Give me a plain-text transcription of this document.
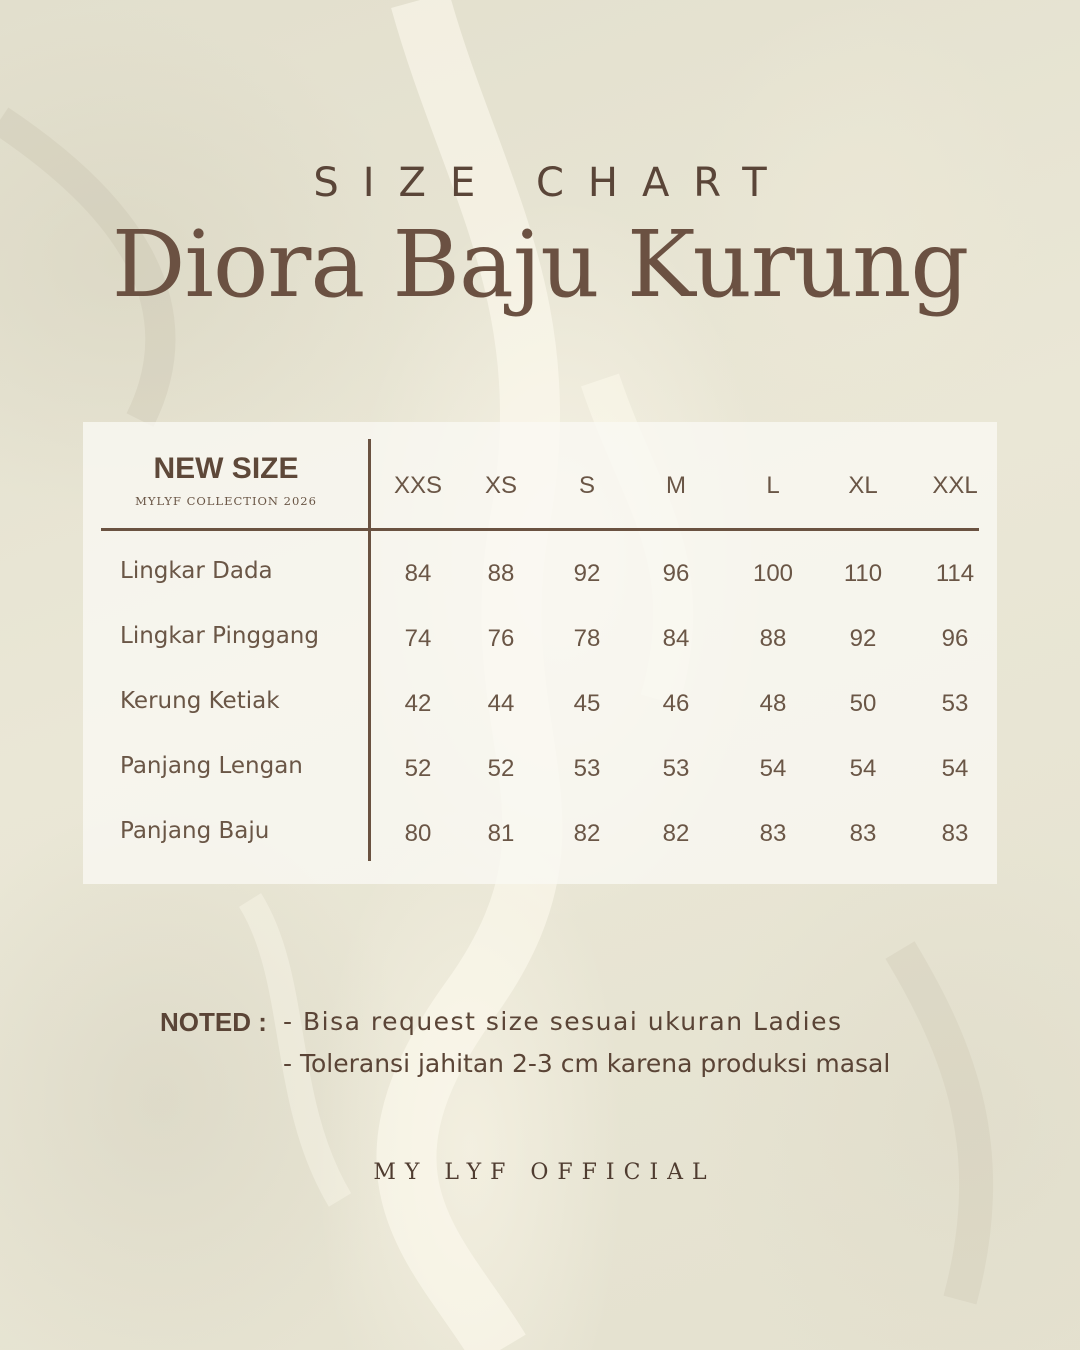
SIZE CHART
Diora Baju Kurung
NEW SIZE
MYLYF COLLECTION 2026
XXS	XS	S	M	L	XL	XXL
Lingkar Dada	84	88	92	96	100	110	114
Lingkar Pinggang	74	76	78	84	88	92	96
Kerung Ketiak	42	44	45	46	48	50	53
Panjang Lengan	52	52	53	53	54	54	54
Panjang Baju	80	81	82	82	83	83	83
NOTED : - Bisa request size sesuai ukuran Ladies
- Toleransi jahitan 2-3 cm karena produksi masal
MY LYF OFFICIAL
